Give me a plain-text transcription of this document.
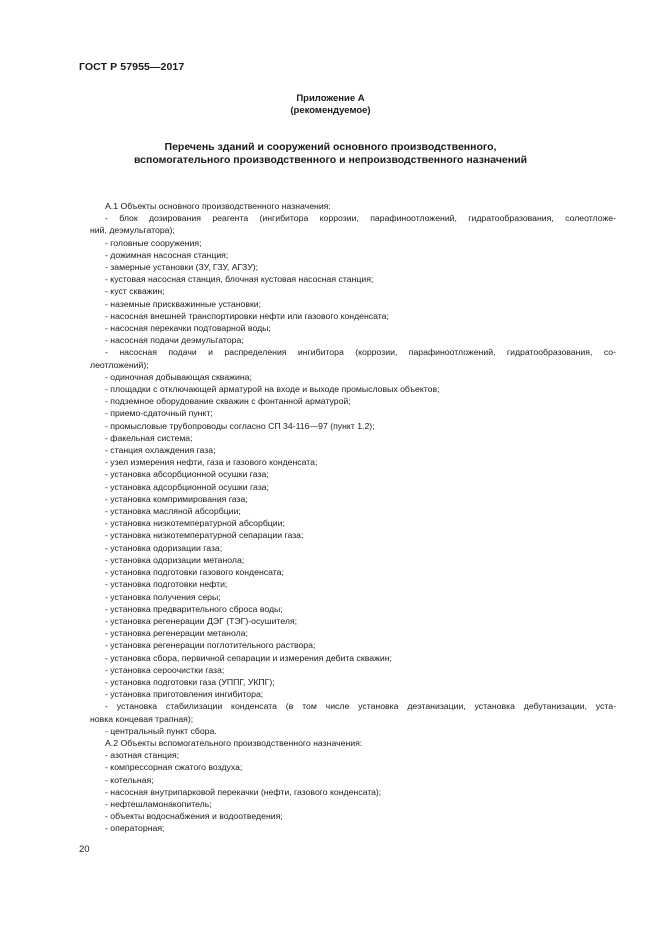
ГОСТ Р 57955—2017
Приложение А
(рекомендуемое)
Перечень зданий и сооружений основного производственного,
вспомогательного производственного и непроизводственного назначений
А.1 Объекты основного производственного назначения:
- блок дозирования реагента (ингибитора коррозии, парафиноотложений, гидратообразования, солеотложе-
ний, деэмульгатора);
- головные сооружения;
- дожимная насосная станция;
- замерные установки (ЗУ, ГЗУ, АГЗУ);
- кустовая насосная станция, блочная кустовая насосная станция;
- куст скважин;
- наземные прискважинные установки;
- насосная внешней транспортировки нефти или газового конденсата;
- насосная перекачки подтоварной воды;
- насосная подачи деэмульгатора;
- насосная подачи и распределения ингибитора (коррозии, парафиноотложений, гидратообразования, со-
леотложений);
- одиночная добывающая скважина;
- площадки с отключающей арматурой на входе и выходе промысловых объектов;
- подземное оборудование скважин с фонтанной арматурой;
- приемо-сдаточный пункт;
- промысловые трубопроводы согласно СП 34-116—97 (пункт 1.2);
- факельная система;
- станция охлаждения газа;
- узел измерения нефти, газа и газового конденсата;
- установка абсорбционной осушки газа;
- установка адсорбционной осушки газа;
- установка компримирования газа;
- установка масляной абсорбции;
- установка низкотемпературной абсорбции;
- установка низкотемпературной сепарации газа;
- установка одоризации газа;
- установка одоризации метанола;
- установка подготовки газового конденсата;
- установка подготовки нефти;
- установка получения серы;
- установка предварительного сброса воды;
- установка регенерации ДЭГ (ТЭГ)-осушителя;
- установка регенерации метанола;
- установка регенерации поглотительного раствора;
- установка сбора, первичной сепарации и измерения дебита скважин;
- установка сероочистки газа;
- установка подготовки газа (УППГ, УКПГ);
- установка приготовления ингибитора;
- установка стабилизации конденсата (в том числе установка деэтанизации, установка дебутанизации, уста-
новка концевая трапная);
- центральный пункт сбора.
А.2 Объекты вспомогательного производственного назначения:
- азотная станция;
- компрессорная сжатого воздуха;
- котельная;
- насосная внутрипарковой перекачки (нефти, газового конденсата);
- нефтешламонакопитель;
- объекты водоснабжения и водоотведения;
- операторная;
20
